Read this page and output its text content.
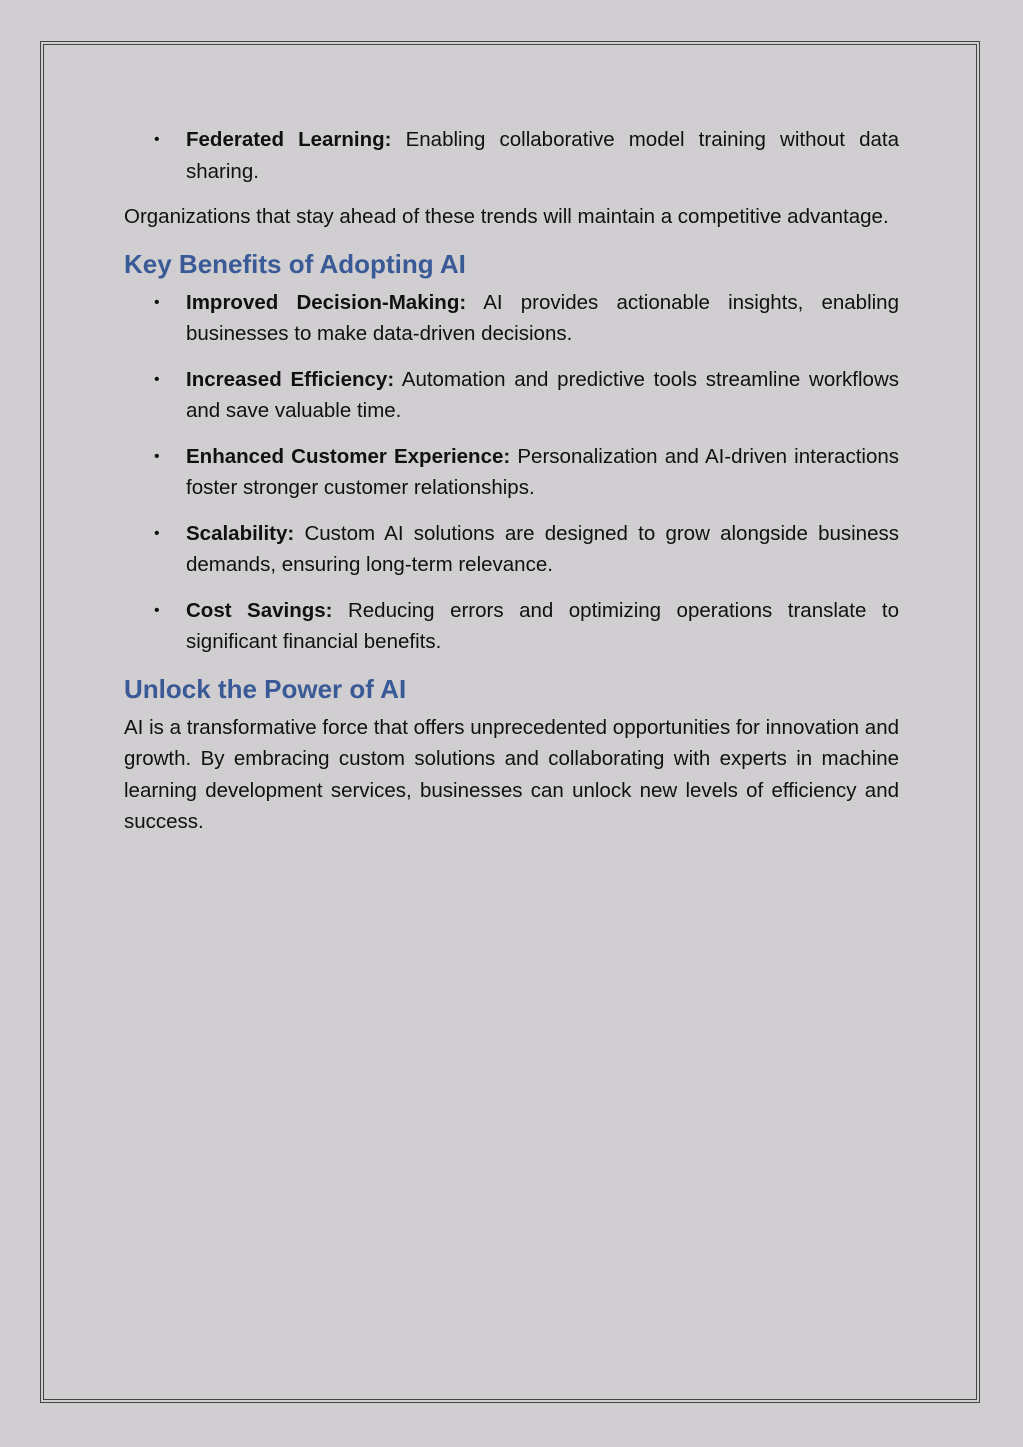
• Federated Learning: Enabling collaborative model training without data sharing.

Organizations that stay ahead of these trends will maintain a competitive advantage.

Key Benefits of Adopting AI
• Improved Decision-Making: AI provides actionable insights, enabling businesses to make data-driven decisions.
• Increased Efficiency: Automation and predictive tools streamline workflows and save valuable time.
• Enhanced Customer Experience: Personalization and AI-driven interactions foster stronger customer relationships.
• Scalability: Custom AI solutions are designed to grow alongside business demands, ensuring long-term relevance.
• Cost Savings: Reducing errors and optimizing operations translate to significant financial benefits.
Unlock the Power of AI

AI is a transformative force that offers unprecedented opportunities for innovation and growth. By embracing custom solutions and collaborating with experts in machine learning development services, businesses can unlock new levels of efficiency and success.
